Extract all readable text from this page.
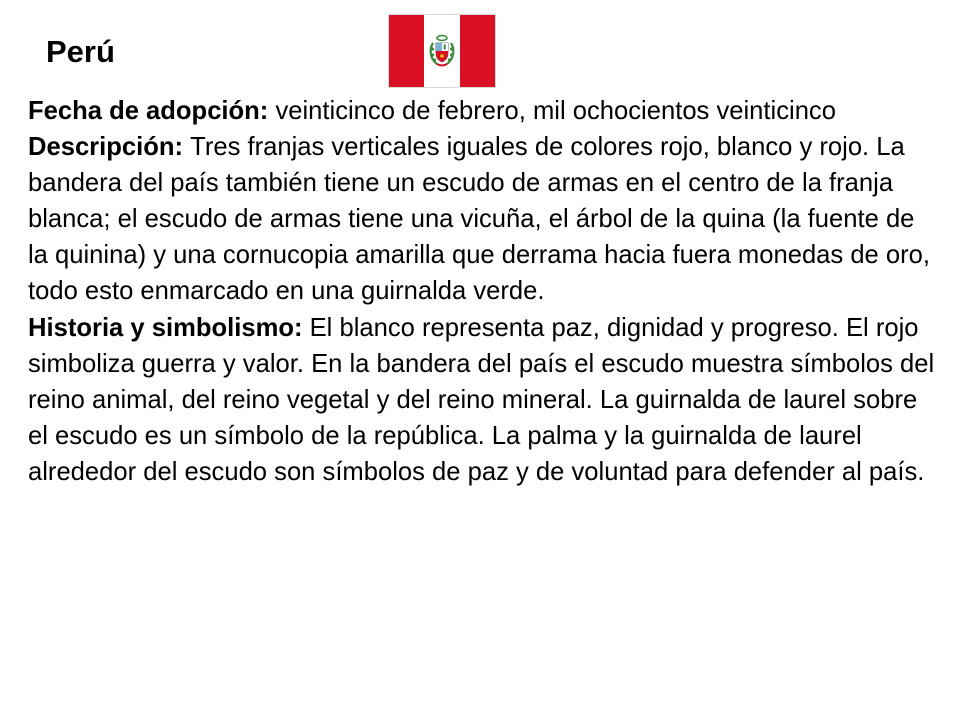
Perú

Fecha de adopción: veinticinco de febrero, mil ochocientos veinticinco

Descripción: Tres franjas verticales iguales de colores rojo, blanco y rojo. La bandera del país también tiene un escudo de armas en el centro de la franja blanca; el escudo de armas tiene una vicuña, el árbol de la quina (la fuente de la quinina) y una cornucopia amarilla que derrama hacia fuera monedas de oro, todo esto enmarcado en una guirnalda verde.

Historia y simbolismo: El blanco representa paz, dignidad y progreso. El rojo simboliza guerra y valor. En la bandera del país el escudo muestra símbolos del reino animal, del reino vegetal y del reino mineral. La guirnalda de laurel sobre el escudo es un símbolo de la república. La palma y la guirnalda de laurel alrededor del escudo son símbolos de paz y de voluntad para defender al país.
